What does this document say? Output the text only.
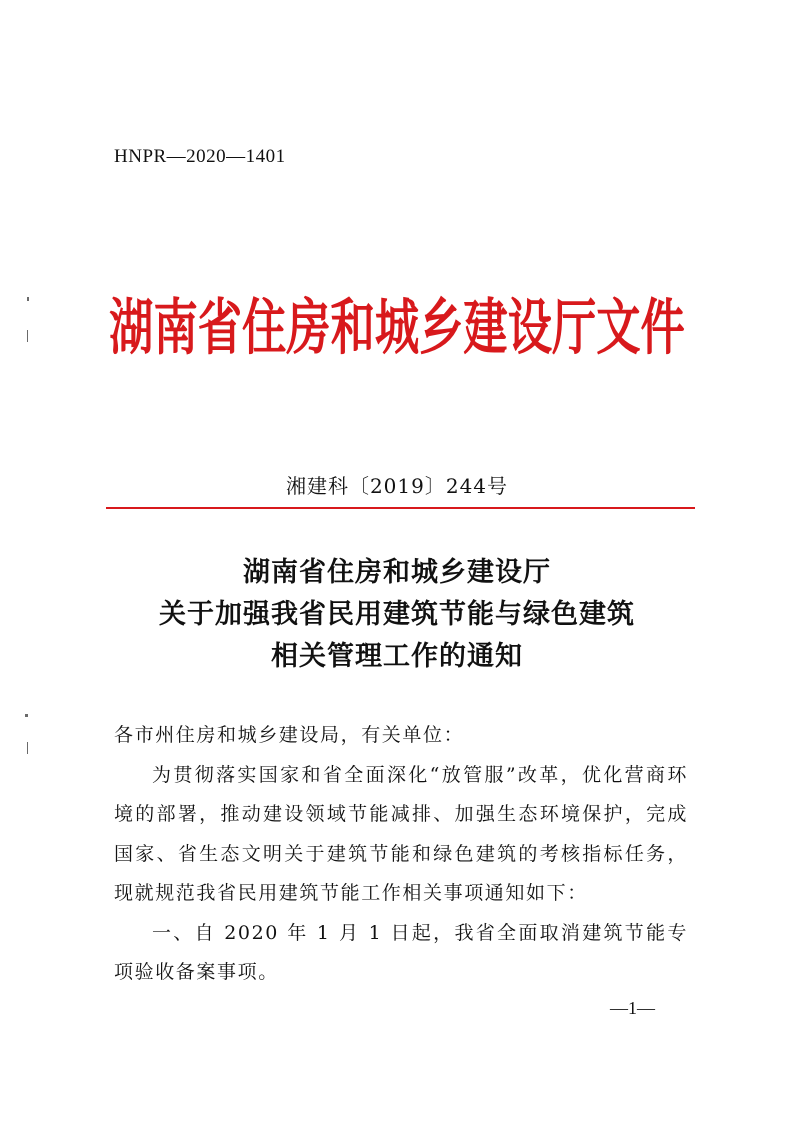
HNPR—2020—1401
湖南省住房和城乡建设厅文件
湘建科〔2019〕244号
湖南省住房和城乡建设厅
关于加强我省民用建筑节能与绿色建筑
相关管理工作的通知

各市州住房和城乡建设局，有关单位：

为贯彻落实国家和省全面深化“放管服”改革，优化营商环境的部署，推动建设领域节能减排、加强生态环境保护，完成国家、省生态文明关于建筑节能和绿色建筑的考核指标任务，现就规范我省民用建筑节能工作相关事项通知如下：

一、自 2020 年 1 月 1 日起，我省全面取消建筑节能专项验收备案事项。

—1—
